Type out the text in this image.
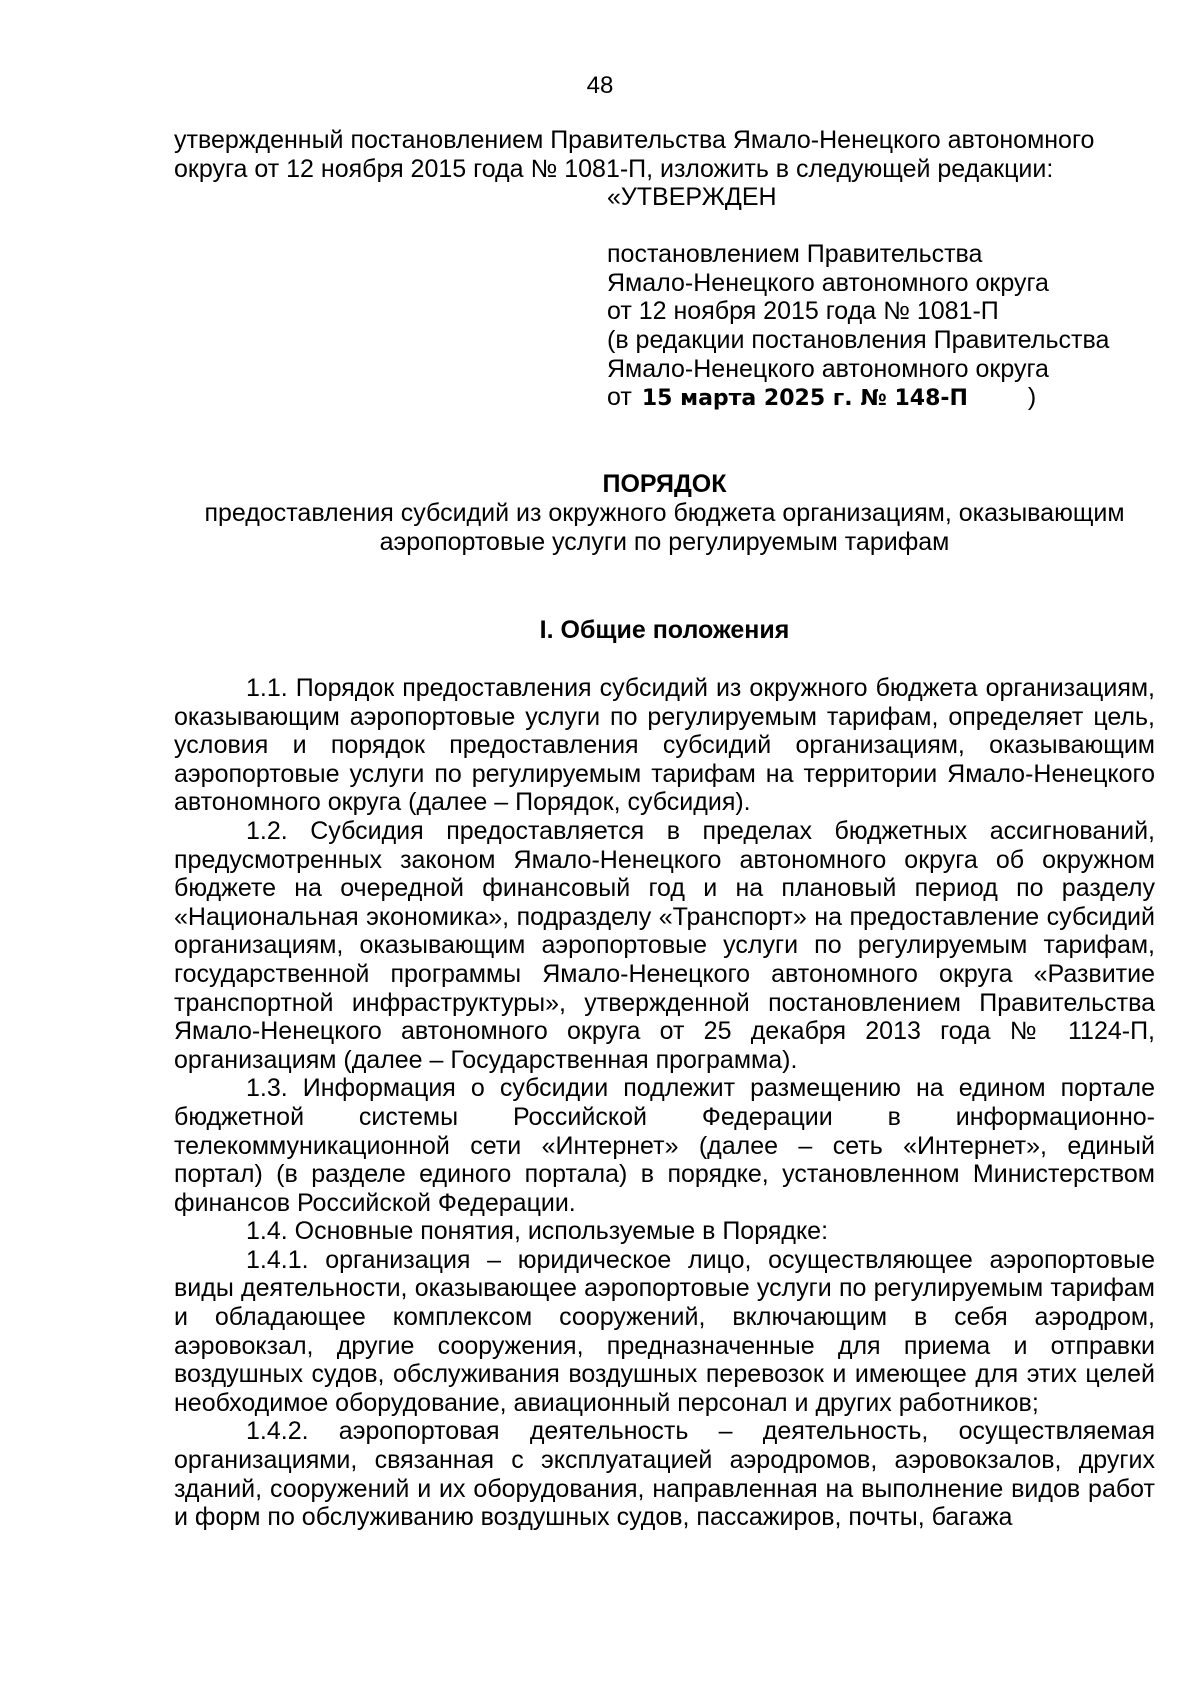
48

утвержденный постановлением Правительства Ямало-Ненецкого автономного

округа от 12 ноября 2015 года № 1081-П, изложить в следующей редакции:

«УТВЕРЖДЕН
постановлением Правительства
Ямало-Ненецкого автономного округа
от 12 ноября 2015 года № 1081-П
(в редакции постановления Правительства
Ямало-Ненецкого автономного округа
от 15 марта 2025 г. № 148-П )
ПОРЯДОК
предоставления субсидий из окружного бюджета организациям, оказывающим
аэропортовые услуги по регулируемым тарифам
I. Общие положения

1.1. Порядок предоставления субсидий из окружного бюджета организациям, оказывающим аэропортовые услуги по регулируемым тарифам, определяет цель, условия и порядок предоставления субсидий организациям, оказывающим аэропортовые услуги по регулируемым тарифам на территории Ямало-Ненецкого автономного округа (далее – Порядок, субсидия).

1.2. Субсидия предоставляется в пределах бюджетных ассигнований, предусмотренных законом Ямало-Ненецкого автономного округа об окружном бюджете на очередной финансовый год и на плановый период по разделу «Национальная экономика», подразделу «Транспорт» на предоставление субсидий организациям, оказывающим аэропортовые услуги по регулируемым тарифам, государственной программы Ямало-Ненецкого автономного округа «Развитие транспортной инфраструктуры», утвержденной постановлением Правительства Ямало-Ненецкого автономного округа от 25 декабря 2013 года № 1124-П, организациям (далее – Государственная программа).

1.3. Информация о субсидии подлежит размещению на едином портале бюджетной системы Российской Федерации в информационно-телекоммуникационной сети «Интернет» (далее – сеть «Интернет», единый портал) (в разделе единого портала) в порядке, установленном Министерством финансов Российской Федерации.

1.4. Основные понятия, используемые в Порядке:

1.4.1. организация – юридическое лицо, осуществляющее аэропортовые виды деятельности, оказывающее аэропортовые услуги по регулируемым тарифам и обладающее комплексом сооружений, включающим в себя аэродром, аэровокзал, другие сооружения, предназначенные для приема и отправки воздушных судов, обслуживания воздушных перевозок и имеющее для этих целей необходимое оборудование, авиационный персонал и других работников;

1.4.2. аэропортовая деятельность – деятельность, осуществляемая организациями, связанная с эксплуатацией аэродромов, аэровокзалов, других зданий, сооружений и их оборудования, направленная на выполнение видов работ и форм по обслуживанию воздушных судов, пассажиров, почты, багажа
